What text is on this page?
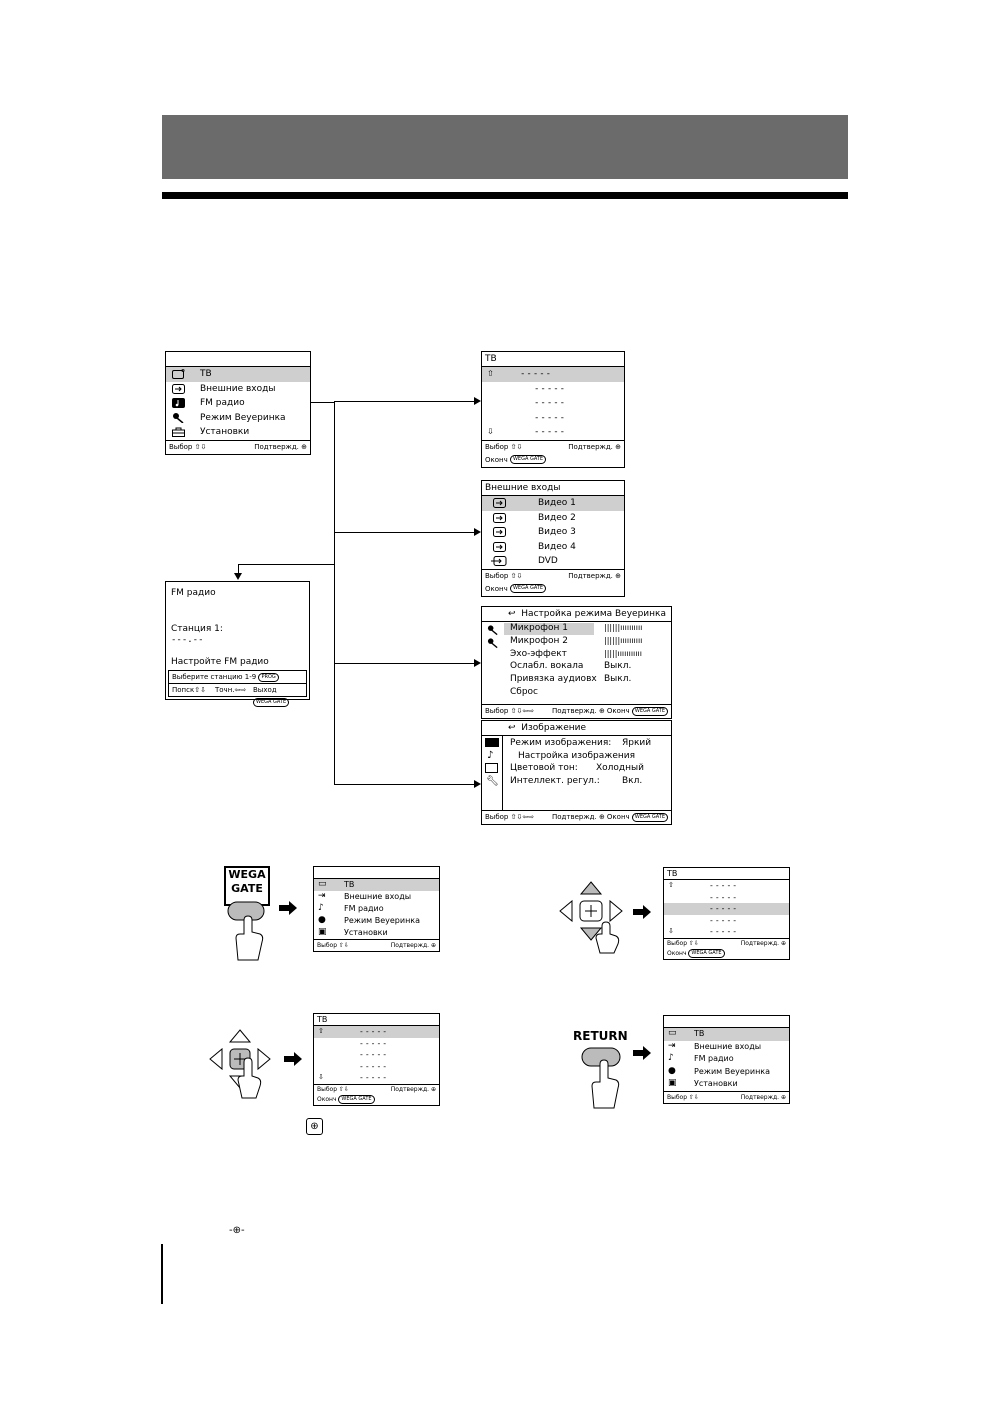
ТВ
Внешние входы
FM радио
Режим Веуеринка
Установки
Выбор ⇧⇩	Подтвержд. ⊕
ТВ
⇧	-----
-----
-----
-----
⇩	-----
Выбор ⇧⇩	Подтвержд. ⊕
Оконч WEGA GATE
Внешние входы
Видео 1
Видео 2
Видео 3
Видео 4
DVD
Выбор ⇧⇩	Подтвержд. ⊕
Оконч WEGA GATE
FM радио
Станция 1:
---.--
Настройте FM радио
Выберите станцию 1-9 PROG
Попск⇧⇩ Точн.⇦⇨ Выход WEGA GATE
↩ Настройка режима Веуеринка
Микрофон 1
Микрофон 2
Эхо-эффект
Ослабл. вокала
Привязка аудиовх
Сброс
||||||ıııııııııı
||||||ıııııııııı
|||||ııııııııııı
Выкл.
Выкл.
Выбор ⇧⇩⇦⇨	Подтвержд. ⊕ Оконч WEGA GATE
↩ Изображение
♪
🔧︎
Режим изображения: Яркий
Настройка изображения
Цветовой тон: Холодный
Интеллект. регул.: Вкл.
Выбор ⇧⇩⇦⇨	Подтвержд. ⊕ Оконч WEGA GATE
WEGA
GATE	▭ ТВ
⇥ Внешние входы
♪	FM радио
● Режим Веуеринка
▣ Установки
Выбор ⇧⇩	Подтвержд. ⊕
ТВ
⇧	-----
-----
-----
-----
⇩	-----
Выбор ⇧⇩	Подтвержд. ⊕
Оконч WEGA GATE
ТВ
⇧	-----
-----
-----
-----
⇩	-----
Выбор ⇧⇩	Подтвержд. ⊕
Оконч WEGA GATE
⊕
RETURN	▭ ТВ
⇥ Внешние входы
♪	FM радио
● Режим Веуеринка
▣ Установки
Выбор ⇧⇩	Подтвержд. ⊕
-⊕-
